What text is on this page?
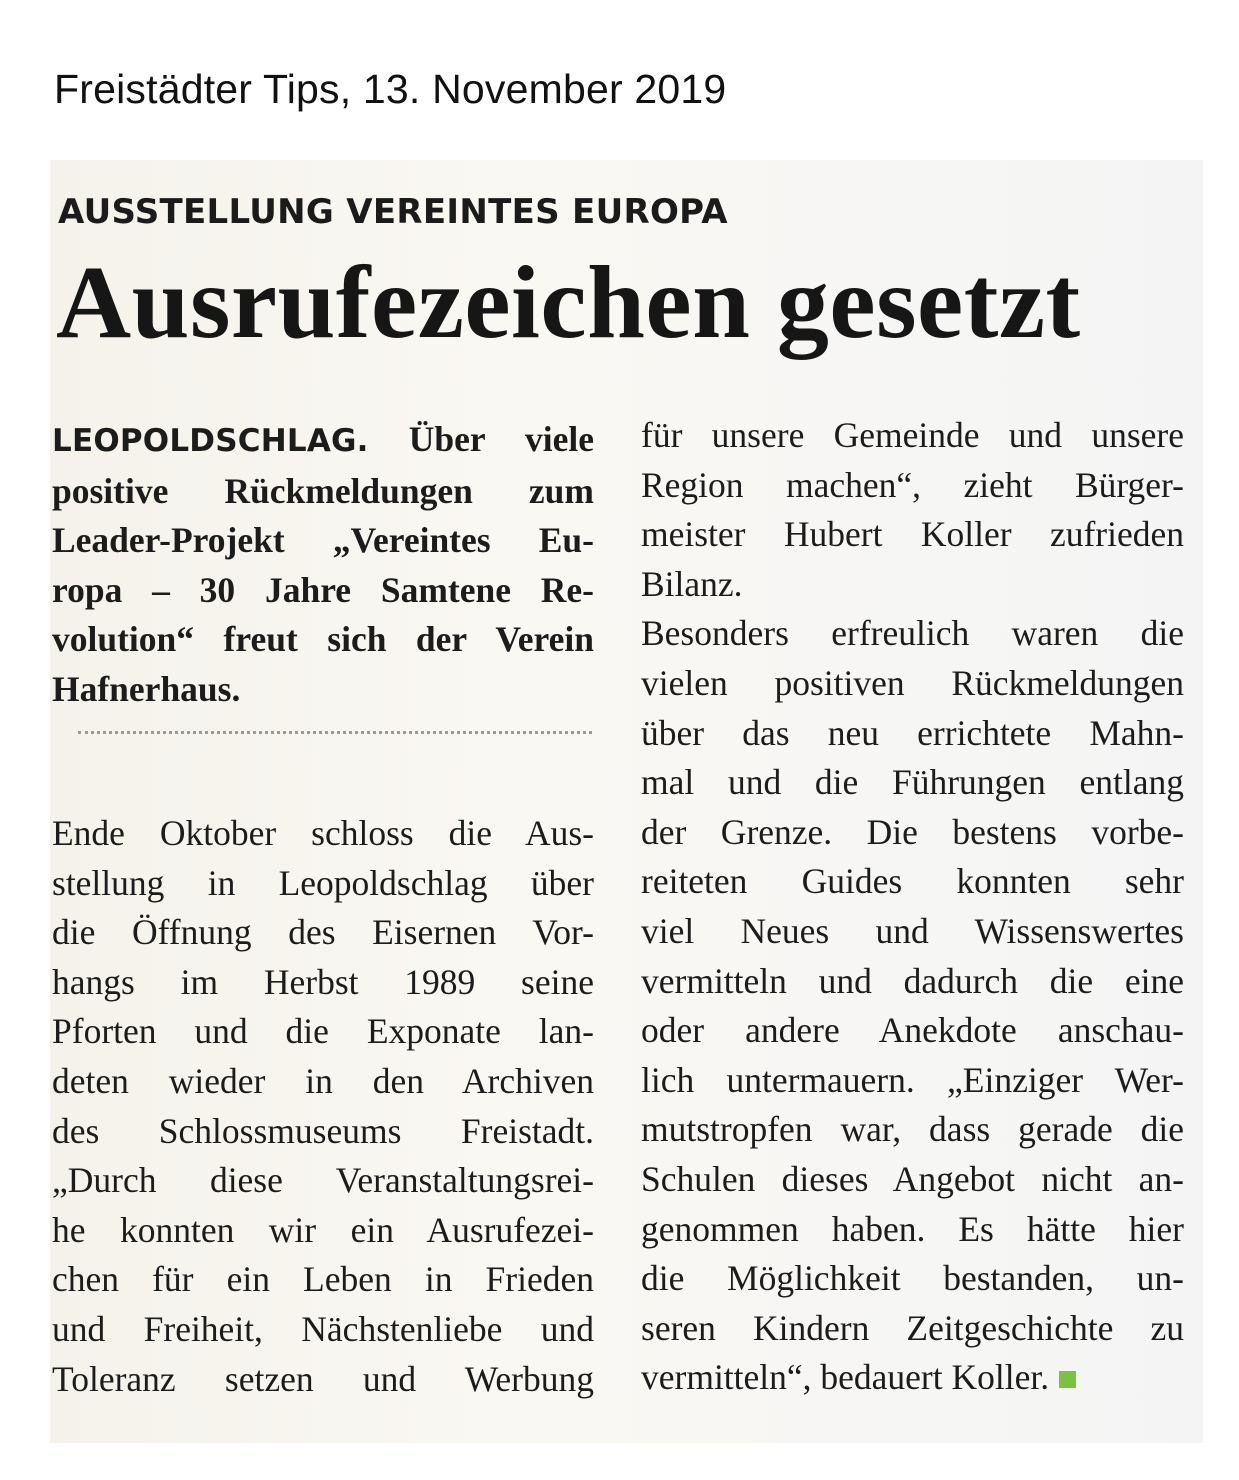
Freistädter Tips, 13. November 2019
AUSSTELLUNG VEREINTES EUROPA
Ausrufezeichen gesetzt
LEOPOLDSCHLAG. Über viele
positive Rückmeldungen zum
Leader-Projekt „Vereintes Eu-
ropa – 30 Jahre Samtene Re-
volution“ freut sich der Verein
Hafnerhaus.
Ende Oktober schloss die Aus-
stellung in Leopoldschlag über
die Öffnung des Eisernen Vor-
hangs im Herbst 1989 seine
Pforten und die Exponate lan-
deten wieder in den Archiven
des Schlossmuseums Freistadt.
„Durch diese Veranstaltungsrei-
he konnten wir ein Ausrufezei-
chen für ein Leben in Frieden
und Freiheit, Nächstenliebe und
Toleranz setzen und Werbung
für unsere Gemeinde und unsere
Region machen“, zieht Bürger-
meister Hubert Koller zufrieden
Bilanz.
Besonders erfreulich waren die
vielen positiven Rückmeldungen
über das neu errichtete Mahn-
mal und die Führungen entlang
der Grenze. Die bestens vorbe-
reiteten Guides konnten sehr
viel Neues und Wissenswertes
vermitteln und dadurch die eine
oder andere Anekdote anschau-
lich untermauern. „Einziger Wer-
mutstropfen war, dass gerade die
Schulen dieses Angebot nicht an-
genommen haben. Es hätte hier
die Möglichkeit bestanden, un-
seren Kindern Zeitgeschichte zu
vermitteln“, bedauert Koller.
